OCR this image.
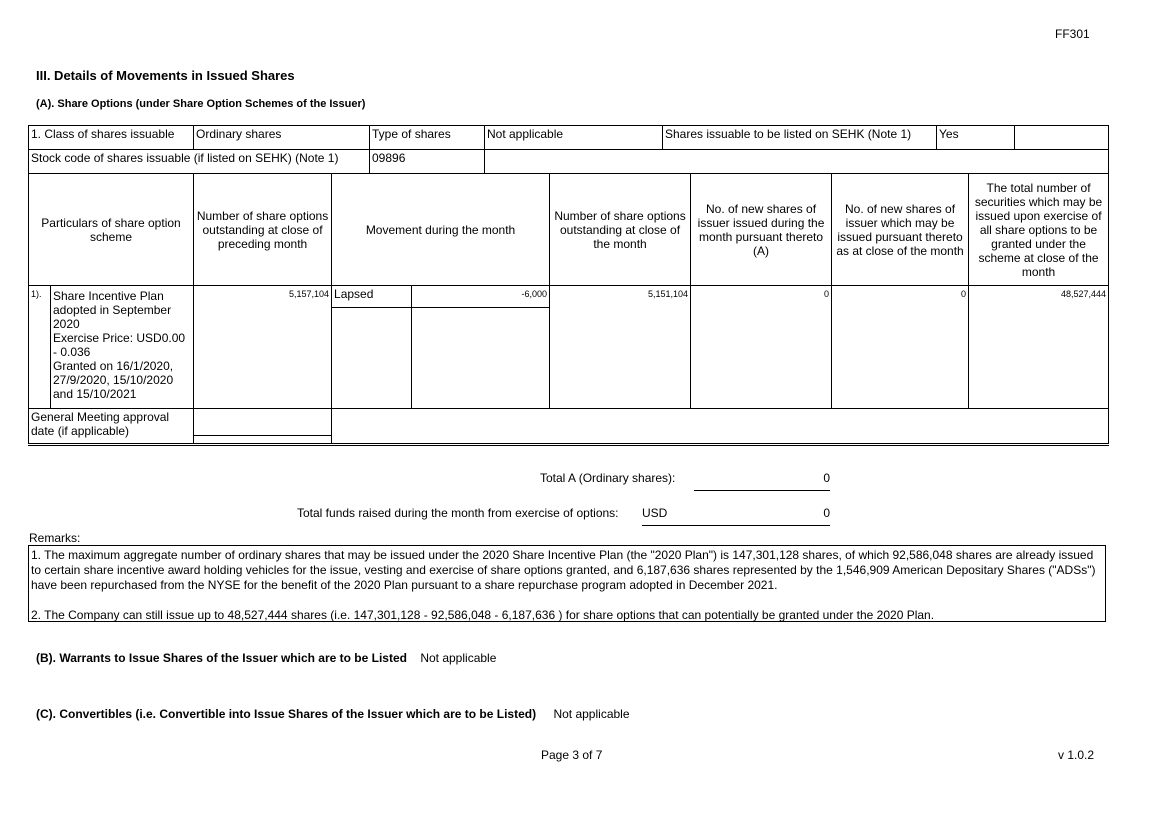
FF301
III. Details of Movements in Issued Shares
(A). Share Options (under Share Option Schemes of the Issuer)
1. Class of shares issuable	Ordinary shares	Type of shares	Not applicable	Shares issuable to be listed on SEHK (Note 1)	Yes	
Stock code of shares issuable (if listed on SEHK) (Note 1)		09896				
Particulars of share option scheme		Number of share options outstanding at close of preceding month	Movement during the month		Number of share options outstanding at close of the month	No. of new shares of issuer issued during the month pursuant thereto (A)	No. of new shares of issuer which may be issued pursuant thereto as at close of the month	The total number of securities which may be issued upon exercise of all share options to be granted under the scheme at close of the month
1).	Share Incentive Plan adopted in September 2020
Exercise Price: USD0.00 - 0.036
Granted on 16/1/2020, 27/9/2020, 15/10/2020 and 15/10/2021	5,157,104	Lapsed	-6,000	5,151,104	0	0	48,527,444
General Meeting approval date (if applicable)							

Total A (Ordinary shares):	0
Total funds raised during the month from exercise of options: USD	0
Remarks:

1. The maximum aggregate number of ordinary shares that may be issued under the 2020 Share Incentive Plan (the "2020 Plan") is 147,301,128 shares, of which 92,586,048 shares are already issued to certain share incentive award holding vehicles for the issue, vesting and exercise of share options granted, and 6,187,636 shares represented by the 1,546,909 American Depositary Shares ("ADSs") have been repurchased from the NYSE for the benefit of the 2020 Plan pursuant to a share repurchase program adopted in December 2021.

2. The Company can still issue up to 48,527,444 shares (i.e. 147,301,128 - 92,586,048 - 6,187,636 ) for share options that can potentially be granted under the 2020 Plan.

(B). Warrants to Issue Shares of the Issuer which are to be Listed Not applicable
(C). Convertibles (i.e. Convertible into Issue Shares of the Issuer which are to be Listed) Not applicable
Page 3 of 7	v 1.0.2
